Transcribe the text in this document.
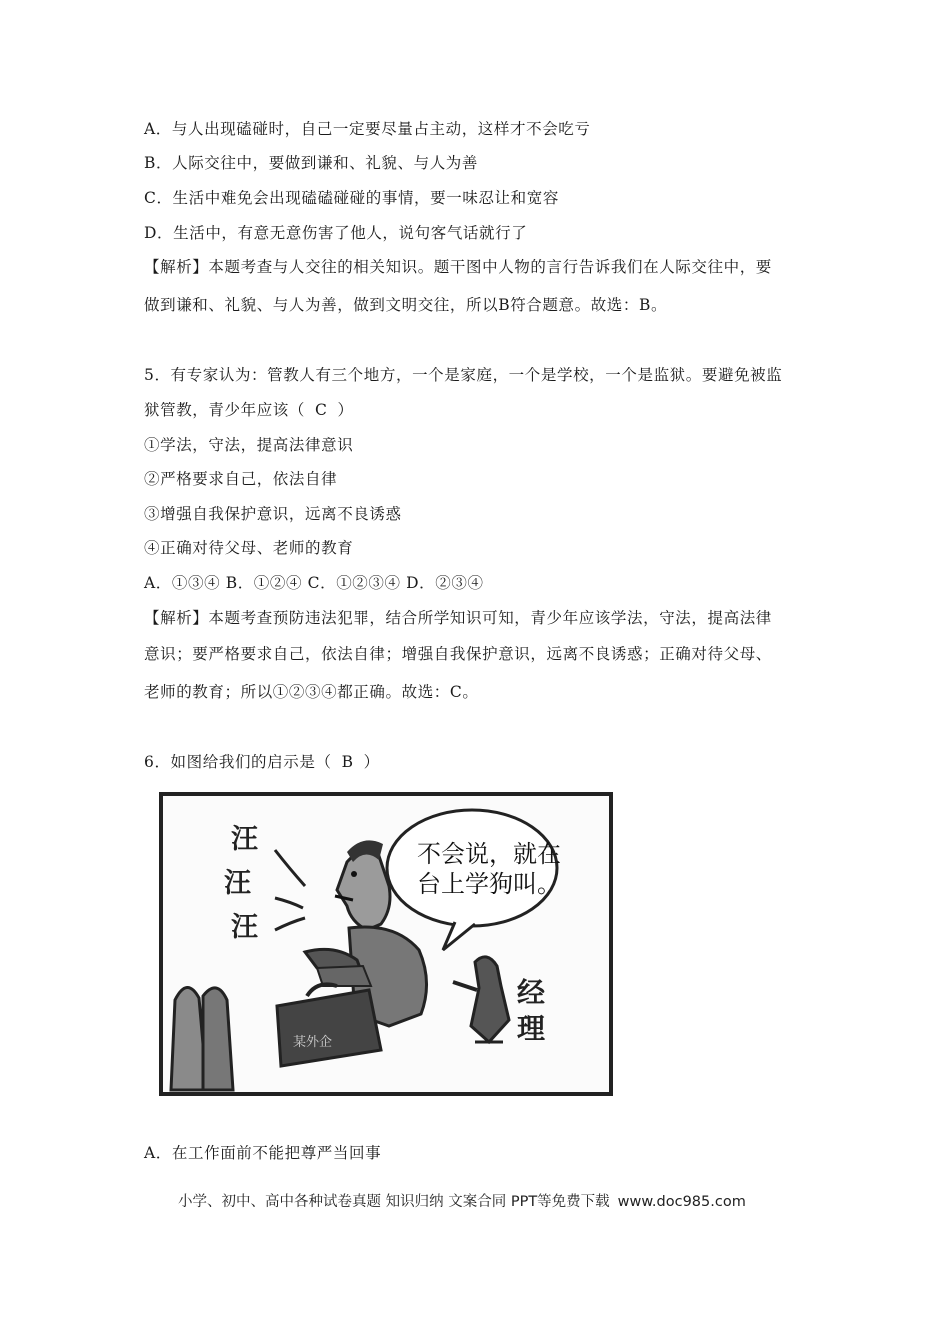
A．与人出现磕碰时，自己一定要尽量占主动，这样才不会吃亏
B．人际交往中，要做到谦和、礼貌、与人为善
C．生活中难免会出现磕磕碰碰的事情，要一味忍让和宽容
D．生活中，有意无意伤害了他人，说句客气话就行了
【解析】本题考查与人交往的相关知识。题干图中人物的言行告诉我们在人际交往中，要
做到谦和、礼貌、与人为善，做到文明交往，所以B符合题意。故选：B。
5．有专家认为：管教人有三个地方，一个是家庭，一个是学校，一个是监狱。要避免被监
狱管教，青少年应该（ C ）
①学法，守法，提高法律意识
②严格要求自己，依法自律
③增强自我保护意识，远离不良诱惑
④正确对待父母、老师的教育
A．①③④ B．①②④ C．①②③④ D．②③④
【解析】本题考查预防违法犯罪，结合所学知识可知，青少年应该学法，守法，提高法律
意识；要严格要求自己，依法自律；增强自我保护意识，远离不良诱惑；正确对待父母、
老师的教育；所以①②③④都正确。故选：C。
6．如图给我们的启示是（ B ）
汪
汪
汪
不会说，就在
台上学狗叫。
某外企
经
理
A．在工作面前不能把尊严当回事
小学、初中、高中各种试卷真题 知识归纳 文案合同 PPT等免费下载 www.doc985.com
